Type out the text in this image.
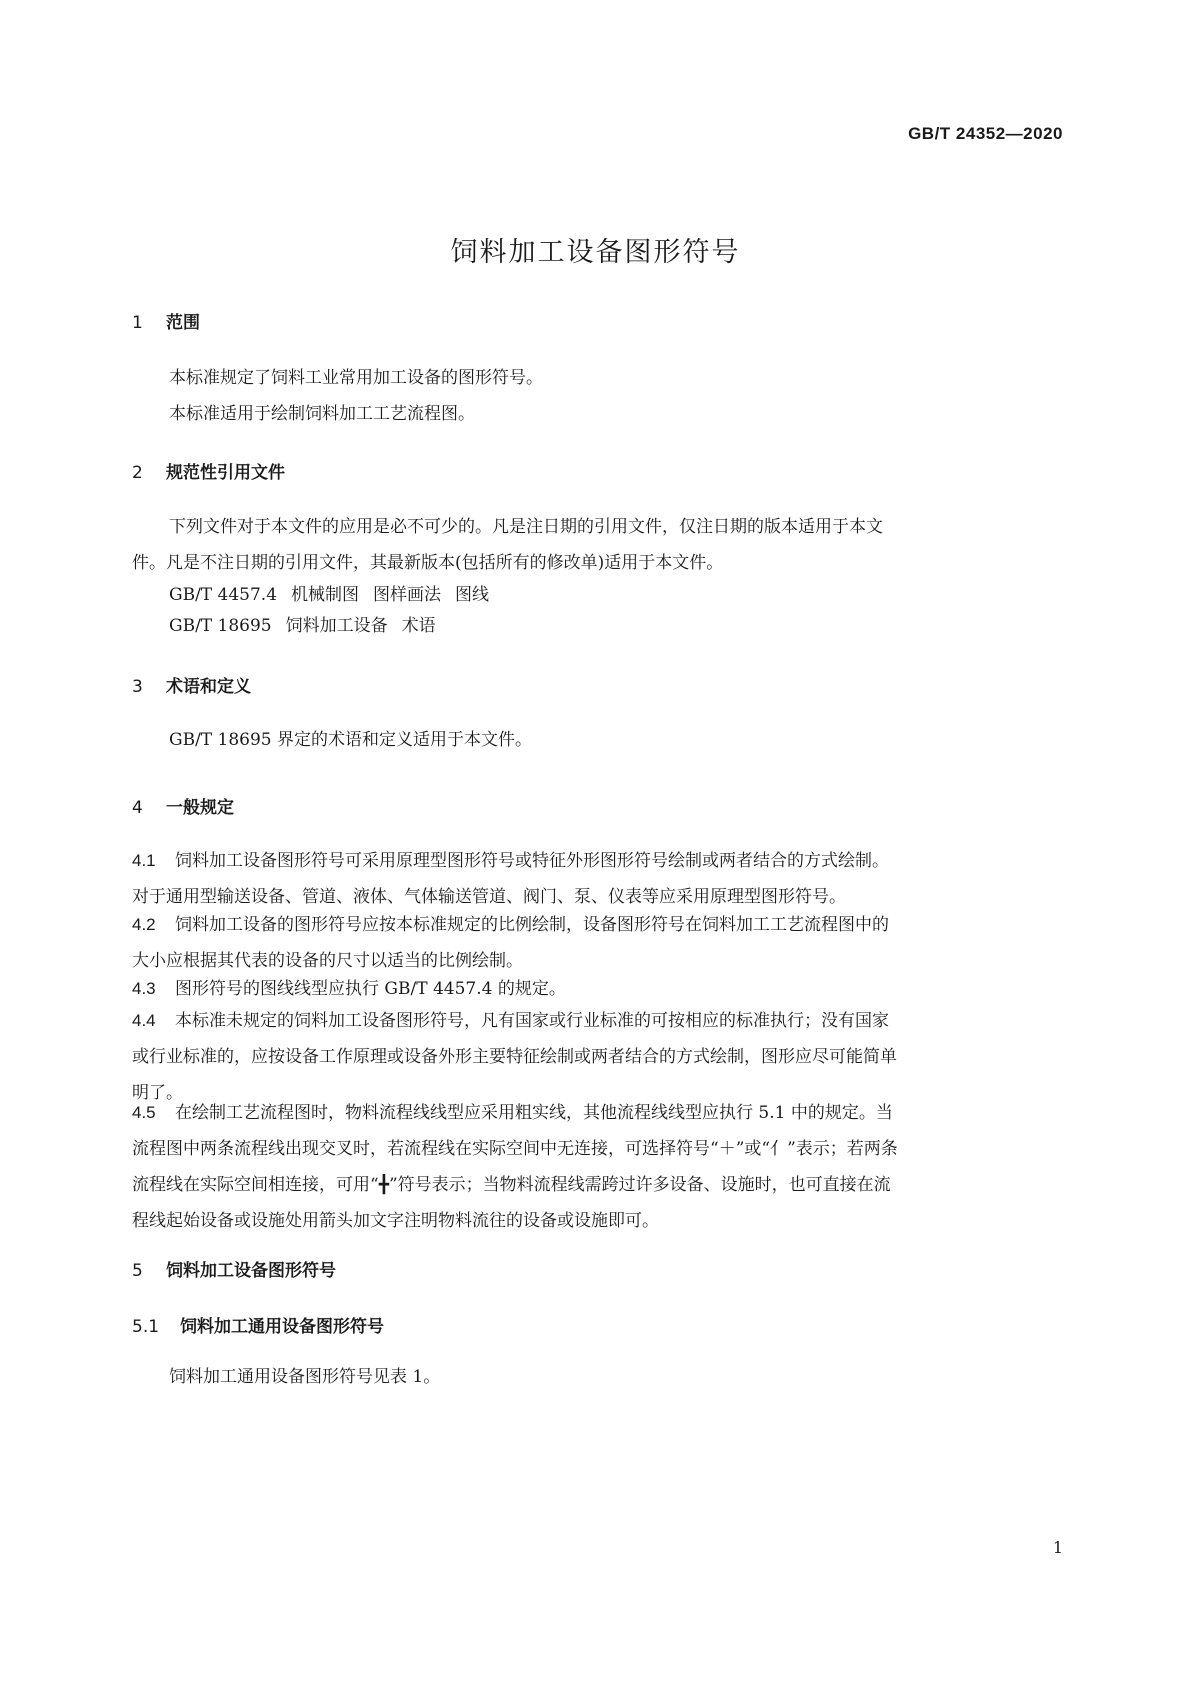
GB/T 24352—2020
饲料加工设备图形符号
1 范围
本标准规定了饲料工业常用加工设备的图形符号。
本标准适用于绘制饲料加工工艺流程图。
2 规范性引用文件
下列文件对于本文件的应用是必不可少的。凡是注日期的引用文件，仅注日期的版本适用于本文
件。凡是不注日期的引用文件，其最新版本(包括所有的修改单)适用于本文件。
GB/T 4457.4 机械制图 图样画法 图线
GB/T 18695 饲料加工设备 术语
3 术语和定义
GB/T 18695 界定的术语和定义适用于本文件。
4 一般规定
4.1 饲料加工设备图形符号可采用原理型图形符号或特征外形图形符号绘制或两者结合的方式绘制。
对于通用型输送设备、管道、液体、气体输送管道、阀门、泵、仪表等应采用原理型图形符号。
4.2 饲料加工设备的图形符号应按本标准规定的比例绘制，设备图形符号在饲料加工工艺流程图中的
大小应根据其代表的设备的尺寸以适当的比例绘制。
4.3 图形符号的图线线型应执行 GB/T 4457.4 的规定。
4.4 本标准未规定的饲料加工设备图形符号，凡有国家或行业标准的可按相应的标准执行；没有国家
或行业标准的，应按设备工作原理或设备外形主要特征绘制或两者结合的方式绘制，图形应尽可能简单
明了。
4.5 在绘制工艺流程图时，物料流程线线型应采用粗实线，其他流程线线型应执行 5.1 中的规定。当
流程图中两条流程线出现交叉时，若流程线在实际空间中无连接，可选择符号“＋”或“⺅”表示；若两条
流程线在实际空间相连接，可用“╋”符号表示；当物料流程线需跨过许多设备、设施时，也可直接在流
程线起始设备或设施处用箭头加文字注明物料流往的设备或设施即可。
5 饲料加工设备图形符号
5.1 饲料加工通用设备图形符号
饲料加工通用设备图形符号见表 1。
1
